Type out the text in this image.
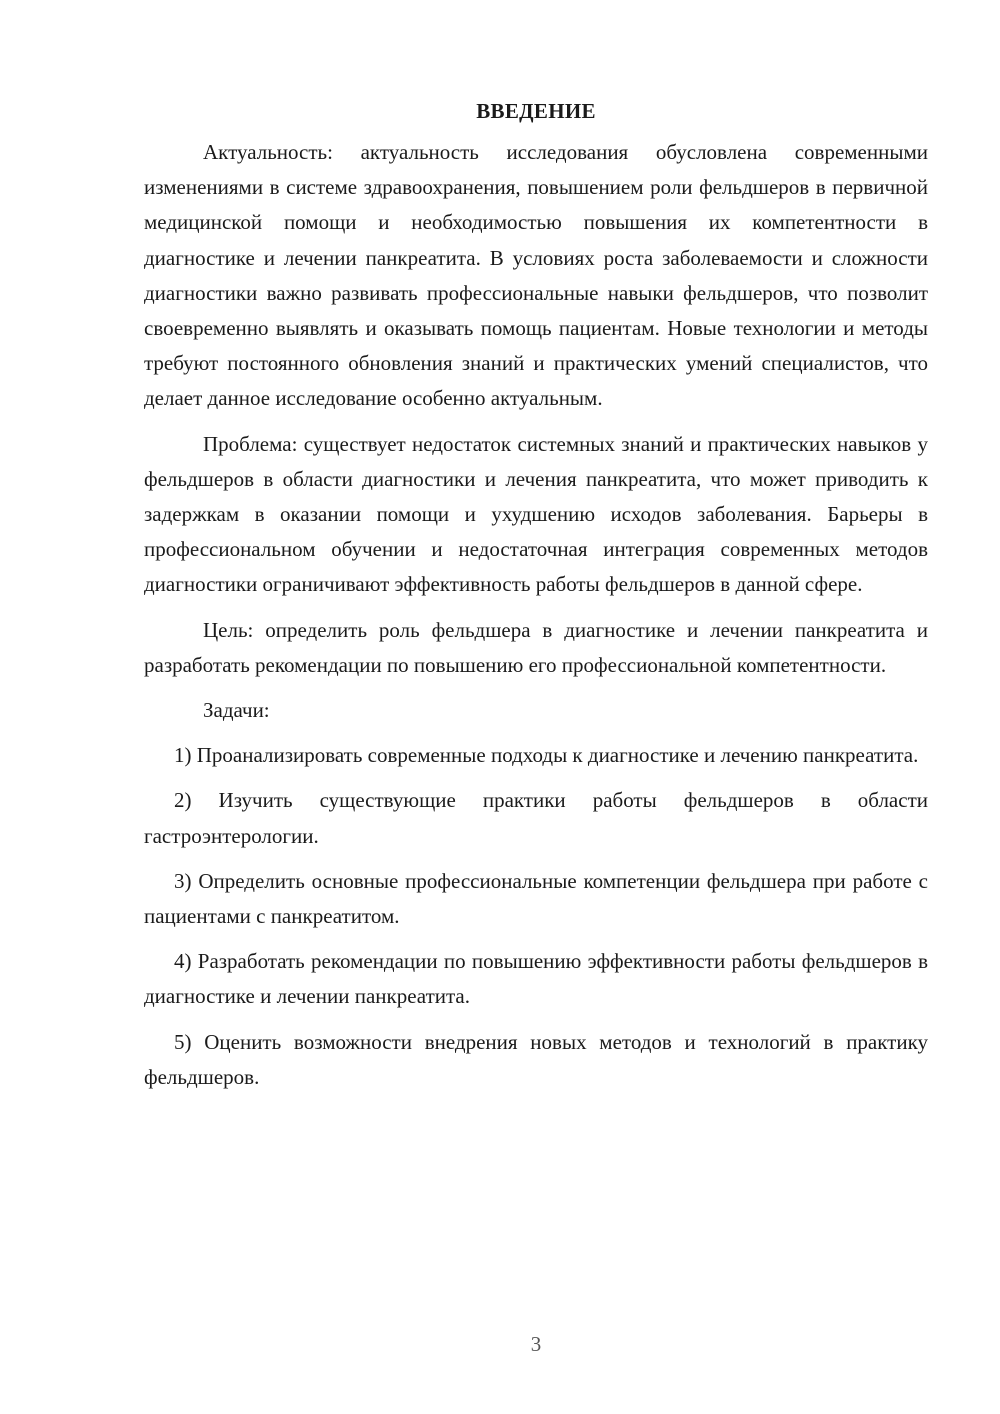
ВВЕДЕНИЕ

Актуальность: актуальность исследования обусловлена современными изменениями в системе здравоохранения, повышением роли фельдшеров в первичной медицинской помощи и необходимостью повышения их компетентности в диагностике и лечении панкреатита. В условиях роста заболеваемости и сложности диагностики важно развивать профессиональные навыки фельдшеров, что позволит своевременно выявлять и оказывать помощь пациентам. Новые технологии и методы требуют постоянного обновления знаний и практических умений специалистов, что делает данное исследование особенно актуальным.

Проблема: существует недостаток системных знаний и практических навыков у фельдшеров в области диагностики и лечения панкреатита, что может приводить к задержкам в оказании помощи и ухудшению исходов заболевания. Барьеры в профессиональном обучении и недостаточная интеграция современных методов диагностики ограничивают эффективность работы фельдшеров в данной сфере.

Цель: определить роль фельдшера в диагностике и лечении панкреатита и разработать рекомендации по повышению его профессиональной компетентности.

Задачи:

1) Проанализировать современные подходы к диагностике и лечению панкреатита.

2) Изучить существующие практики работы фельдшеров в области гастроэнтерологии.

3) Определить основные профессиональные компетенции фельдшера при работе с пациентами с панкреатитом.

4) Разработать рекомендации по повышению эффективности работы фельдшеров в диагностике и лечении панкреатита.

5) Оценить возможности внедрения новых методов и технологий в практику фельдшеров.

3
